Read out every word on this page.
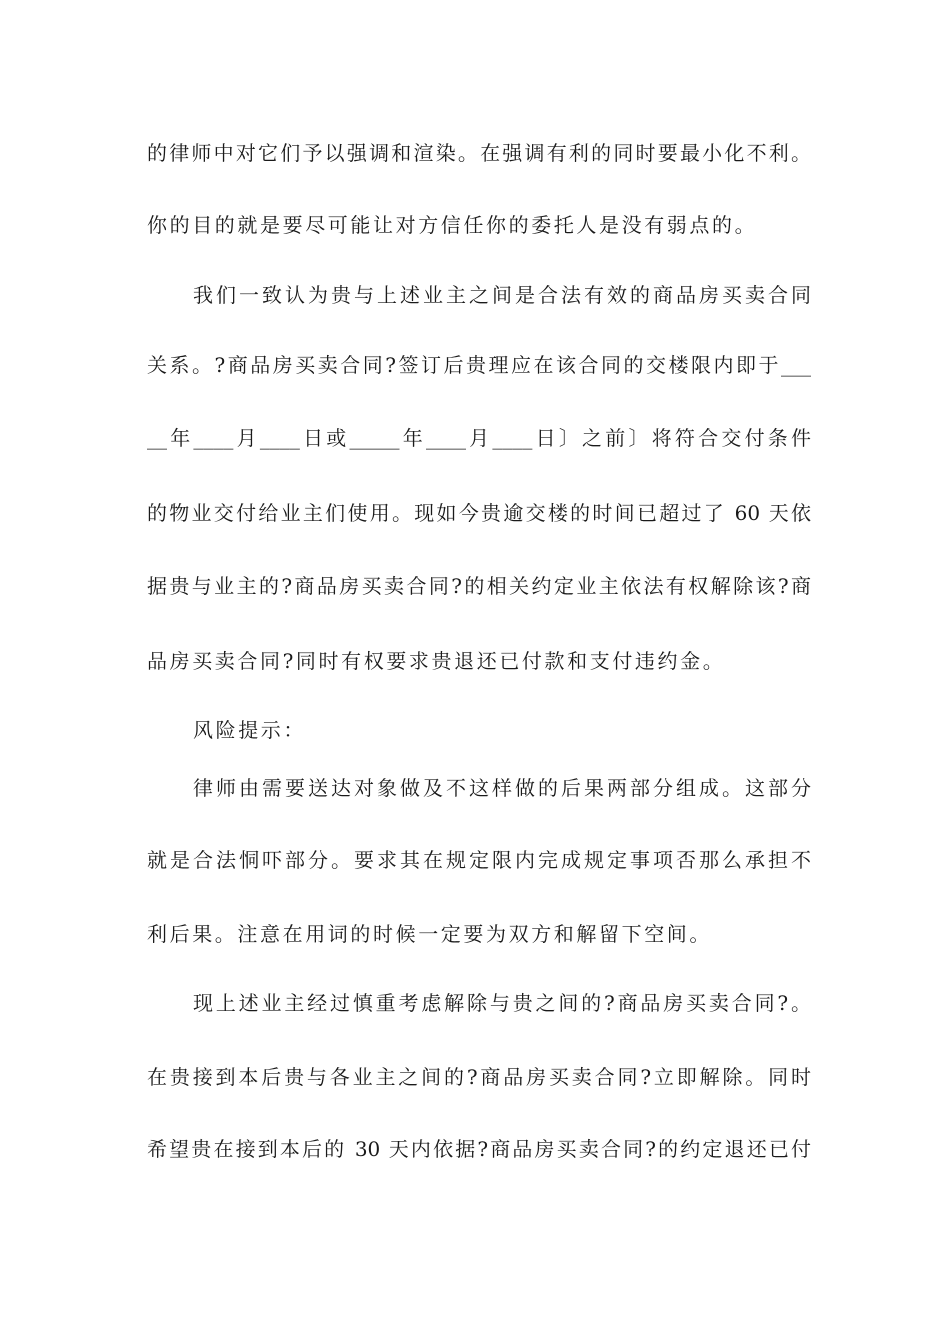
的律师中对它们予以强调和渲染。在强调有利的同时要最小化不利。
你的目的就是要尽可能让对方信任你的委托人是没有弱点的。
我们一致认为贵与上述业主之间是合法有效的商品房买卖合同
关系。?商品房买卖合同?签订后贵理应在该合同的交楼限内即于___
__年____月____日或_____年____月____日〕之前〕将符合交付条件
的物业交付给业主们使用。现如今贵逾交楼的时间已超过了 60 天依
据贵与业主的?商品房买卖合同?的相关约定业主依法有权解除该?商
品房买卖合同?同时有权要求贵退还已付款和支付违约金。
风险提示：
律师由需要送达对象做及不这样做的后果两部分组成。这部分
就是合法恫吓部分。要求其在规定限内完成规定事项否那么承担不
利后果。注意在用词的时候一定要为双方和解留下空间。
现上述业主经过慎重考虑解除与贵之间的?商品房买卖合同?。
在贵接到本后贵与各业主之间的?商品房买卖合同?立即解除。同时
希望贵在接到本后的 30 天内依据?商品房买卖合同?的约定退还已付
